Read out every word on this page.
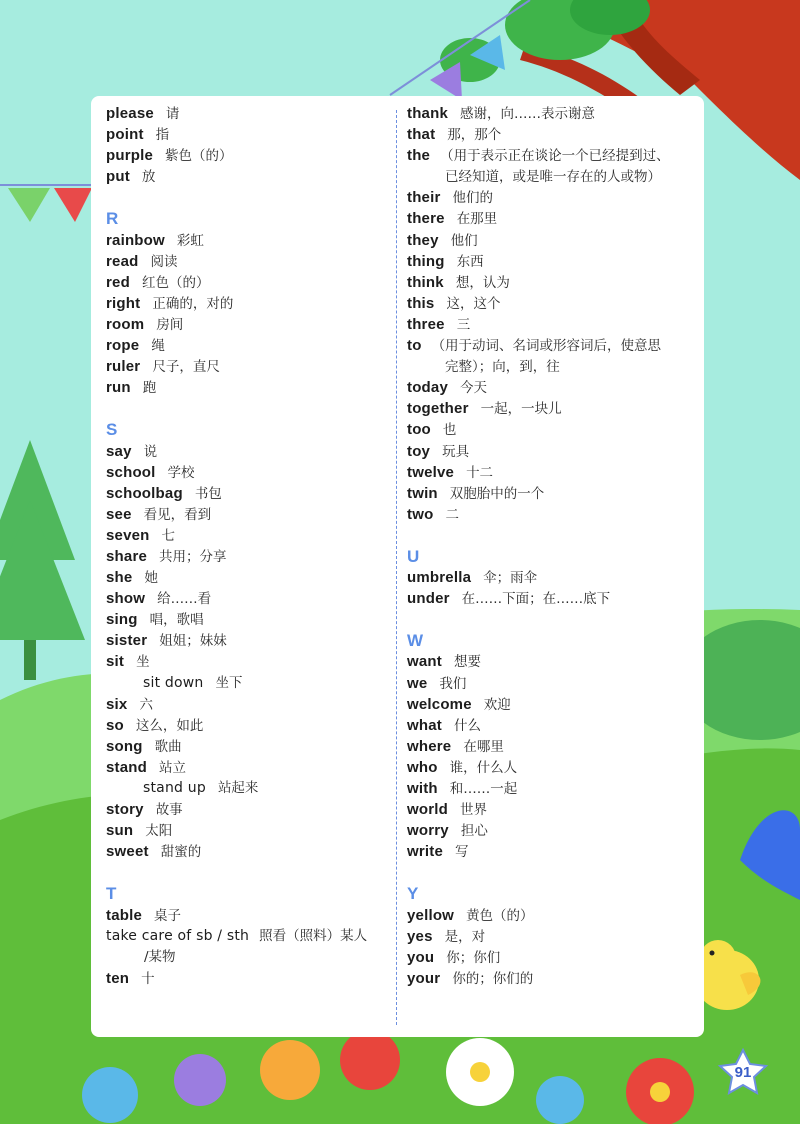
please 请
point 指
purple 紫色（的）
put 放
R
rainbow 彩虹
read 阅读
red 红色（的）
right 正确的，对的
room 房间
rope 绳
ruler 尺子，直尺
run 跑
S
say 说
school 学校
schoolbag 书包
see 看见，看到
seven 七
share 共用；分享
she 她
show 给……看
sing 唱，歌唱
sister 姐姐；妹妹
sit 坐
sit down 坐下
six 六
so 这么，如此
song 歌曲
stand 站立
stand up 站起来
story 故事
sun 太阳
sweet 甜蜜的
T
table 桌子
take care of sb / sth 照看（照料）某人
/某物
ten 十
thank 感谢，向……表示谢意
that 那，那个
the （用于表示正在谈论一个已经提到过、
已经知道，或是唯一存在的人或物）
their 他们的
there 在那里
they 他们
thing 东西
think 想，认为
this 这，这个
three 三
to （用于动词、名词或形容词后，使意思
完整）；向，到，往
today 今天
together 一起，一块儿
too 也
toy 玩具
twelve 十二
twin 双胞胎中的一个
two 二
U
umbrella 伞；雨伞
under 在……下面；在……底下
W
want 想要
we 我们
welcome 欢迎
what 什么
where 在哪里
who 谁，什么人
with 和……一起
world 世界
worry 担心
write 写
Y
yellow 黄色（的）
yes 是，对
you 你；你们
your 你的；你们的
91
